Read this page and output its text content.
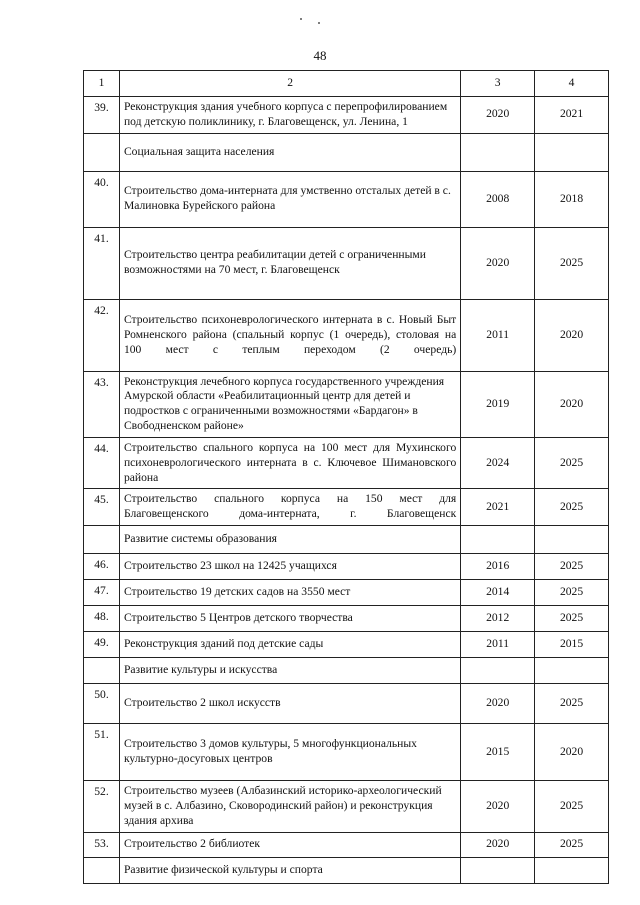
48
1	2	3	4
39.	Реконструкция здания учебного корпуса с перепрофилированием под детскую поликлинику, г. Благовещенск, ул. Ленина, 1	2020	2021
	Социальная защита населения		
40.	Строительство дома-интерната для умственно отсталых детей в с. Малиновка Бурейского района	2008	2018
41.	Строительство центра реабилитации детей с ограниченными возможностями на 70 мест, г. Благовещенск	2020	2025
42.	Строительство психоневрологического интерната в с. Новый Быт Ромненского района (спальный корпус (1 очередь), столовая на 100 мест с теплым переходом (2 очередь)	2011	2020
43.	Реконструкция лечебного корпуса государственного учреждения Амурской области «Реабилитационный центр для детей и подростков с ограниченными возможностями «Бардагон» в Свободненском районе»	2019	2020
44.	Строительство спального корпуса на 100 мест для Мухинского психоневрологического интерната в с. Ключевое Шимановского района	2024	2025
45.	Строительство спального корпуса на 150 мест для Благовещенского дома-интерната, г. Благовещенск	2021	2025
	Развитие системы образования		
46.	Строительство 23 школ на 12425 учащихся	2016	2025
47.	Строительство 19 детских садов на 3550 мест	2014	2025
48.	Строительство 5 Центров детского творчества	2012	2025
49.	Реконструкция зданий под детские сады	2011	2015
	Развитие культуры и искусства		
50.	Строительство 2 школ искусств	2020	2025
51.	Строительство 3 домов культуры, 5 многофункциональных культурно-досуговых центров	2015	2020
52.	Строительство музеев (Албазинский историко-археологический музей в с. Албазино, Сковородинский район) и реконструкция здания архива	2020	2025
53.	Строительство 2 библиотек	2020	2025
	Развитие физической культуры и спорта		
